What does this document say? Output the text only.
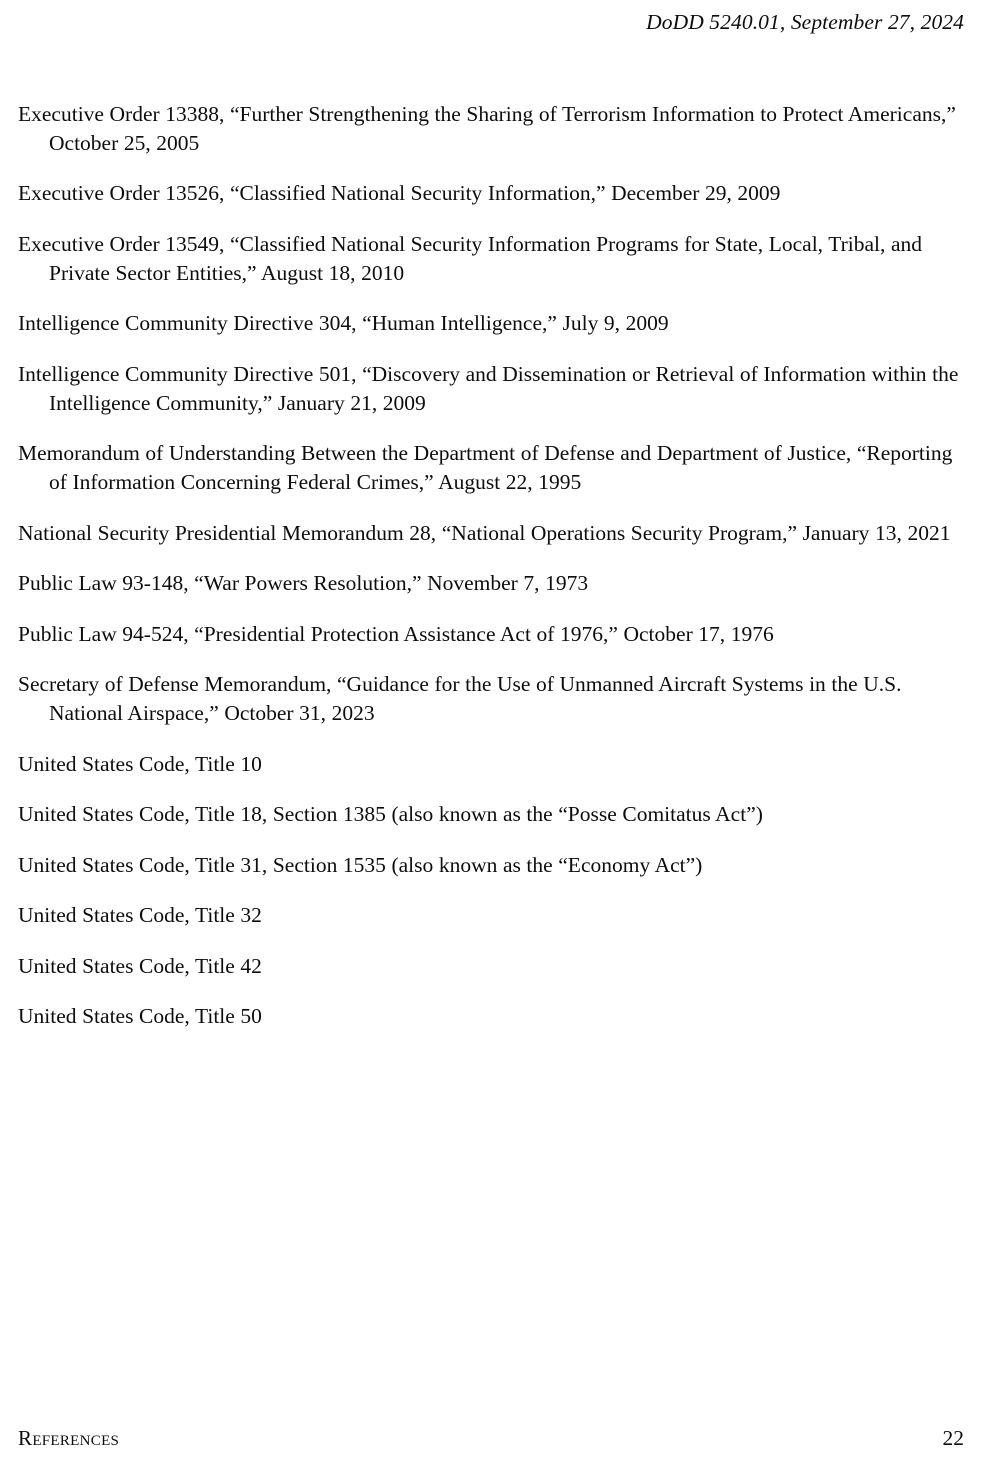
DoDD 5240.01, September 27, 2024

Executive Order 13388, “Further Strengthening the Sharing of Terrorism Information to Protect Americans,” October 25, 2005

Executive Order 13526, “Classified National Security Information,” December 29, 2009

Executive Order 13549, “Classified National Security Information Programs for State, Local, Tribal, and Private Sector Entities,” August 18, 2010

Intelligence Community Directive 304, “Human Intelligence,” July 9, 2009

Intelligence Community Directive 501, “Discovery and Dissemination or Retrieval of Information within the Intelligence Community,” January 21, 2009

Memorandum of Understanding Between the Department of Defense and Department of Justice, “Reporting of Information Concerning Federal Crimes,” August 22, 1995

National Security Presidential Memorandum 28, “National Operations Security Program,” January 13, 2021

Public Law 93-148, “War Powers Resolution,” November 7, 1973

Public Law 94-524, “Presidential Protection Assistance Act of 1976,” October 17, 1976

Secretary of Defense Memorandum, “Guidance for the Use of Unmanned Aircraft Systems in the U.S. National Airspace,” October 31, 2023

United States Code, Title 10

United States Code, Title 18, Section 1385 (also known as the “Posse Comitatus Act”)

United States Code, Title 31, Section 1535 (also known as the “Economy Act”)

United States Code, Title 32

United States Code, Title 42

United States Code, Title 50

References	22
